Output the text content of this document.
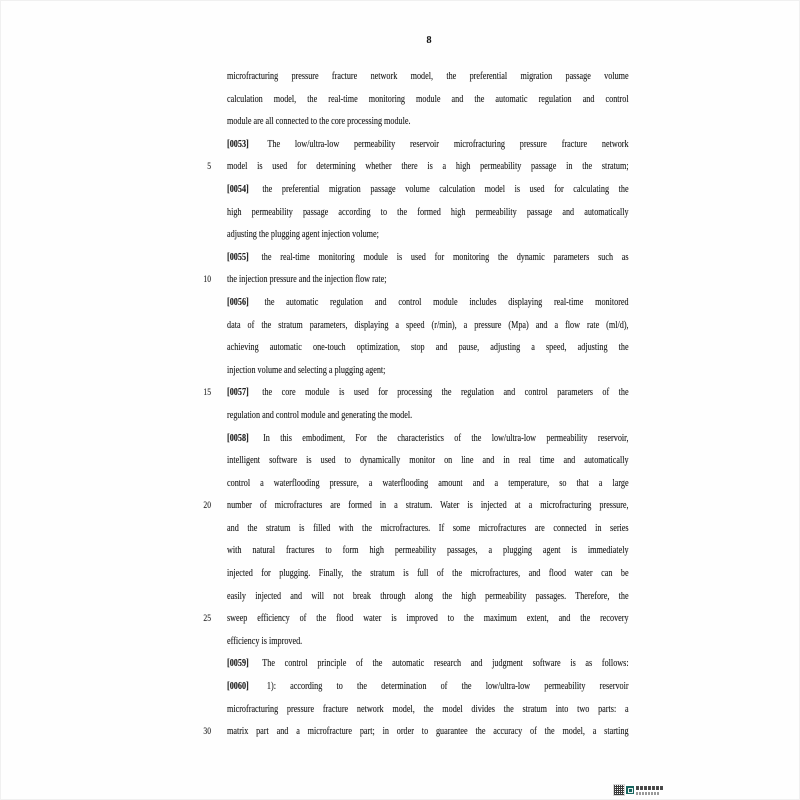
8
microfracturing pressure fracture network model, the preferential migration passage volume
calculation model, the real-time monitoring module and the automatic regulation and control
module are all connected to the core processing module.
[0053] The low/ultra-low permeability reservoir microfracturing pressure fracture network
5 model is used for determining whether there is a high permeability passage in the stratum;
[0054] the preferential migration passage volume calculation model is used for calculating the
high permeability passage according to the formed high permeability passage and automatically
adjusting the plugging agent injection volume;
[0055] the real-time monitoring module is used for monitoring the dynamic parameters such as
10 the injection pressure and the injection flow rate;
[0056] the automatic regulation and control module includes displaying real-time monitored
data of the stratum parameters, displaying a speed (r/min), a pressure (Mpa) and a flow rate (ml/d),
achieving automatic one-touch optimization, stop and pause, adjusting a speed, adjusting the
injection volume and selecting a plugging agent;
15 [0057] the core module is used for processing the regulation and control parameters of the
regulation and control module and generating the model.
[0058] In this embodiment, For the characteristics of the low/ultra-low permeability reservoir,
intelligent software is used to dynamically monitor on line and in real time and automatically
control a waterflooding pressure, a waterflooding amount and a temperature, so that a large
20 number of microfractures are formed in a stratum. Water is injected at a microfracturing pressure,
and the stratum is filled with the microfractures. If some microfractures are connected in series
with natural fractures to form high permeability passages, a plugging agent is immediately
injected for plugging. Finally, the stratum is full of the microfractures, and flood water can be
easily injected and will not break through along the high permeability passages. Therefore, the
25 sweep efficiency of the flood water is improved to the maximum extent, and the recovery
efficiency is improved.
[0059] The control principle of the automatic research and judgment software is as follows:
[0060] 1): according to the determination of the low/ultra-low permeability reservoir
microfracturing pressure fracture network model, the model divides the stratum into two parts: a
30 matrix part and a microfracture part; in order to guarantee the accuracy of the model, a starting
